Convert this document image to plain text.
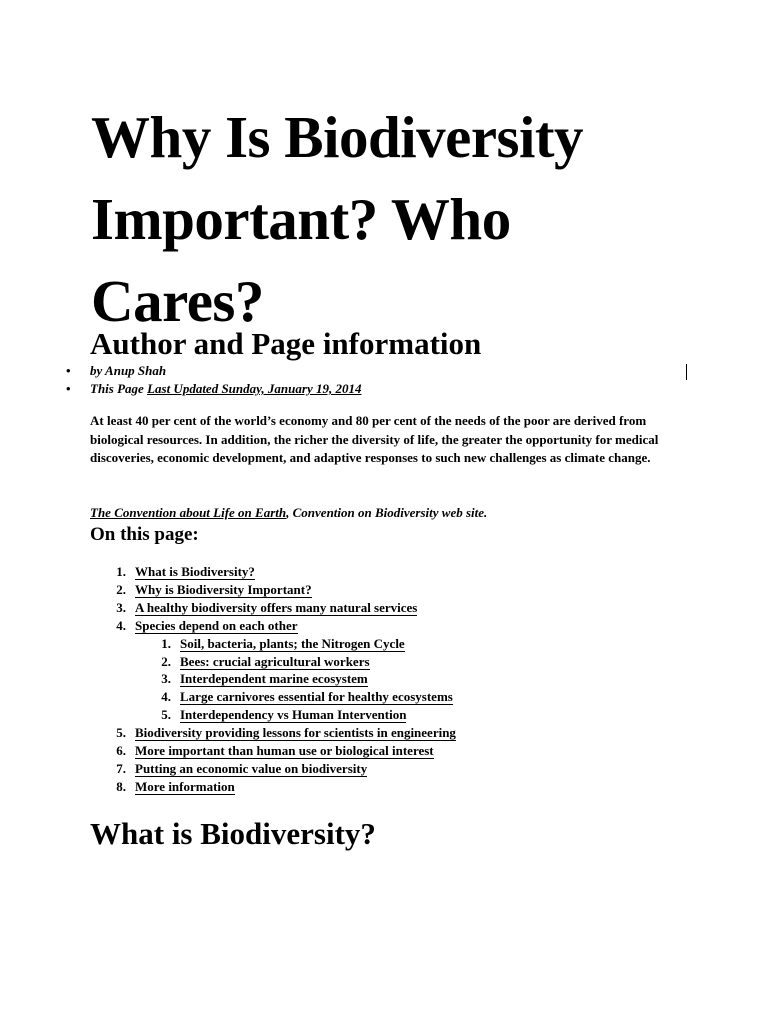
Why Is Biodiversity Important? Who Cares?
Author and Page information
• by Anup Shah
• This Page Last Updated Sunday, January 19, 2014

At least 40 per cent of the world’s economy and 80 per cent of the needs of the poor are derived from biological resources. In addition, the richer the diversity of life, the greater the opportunity for medical discoveries, economic development, and adaptive responses to such new challenges as climate change.

The Convention about Life on Earth, Convention on Biodiversity web site.

On this page:
1. What is Biodiversity?
2. Why is Biodiversity Important?
3. A healthy biodiversity offers many natural services
4. Species depend on each other
1. Soil, bacteria, plants; the Nitrogen Cycle
2. Bees: crucial agricultural workers
3. Interdependent marine ecosystem
4. Large carnivores essential for healthy ecosystems
5. Interdependency vs Human Intervention
5. Biodiversity providing lessons for scientists in engineering
6. More important than human use or biological interest
7. Putting an economic value on biodiversity
8. More information
What is Biodiversity?
